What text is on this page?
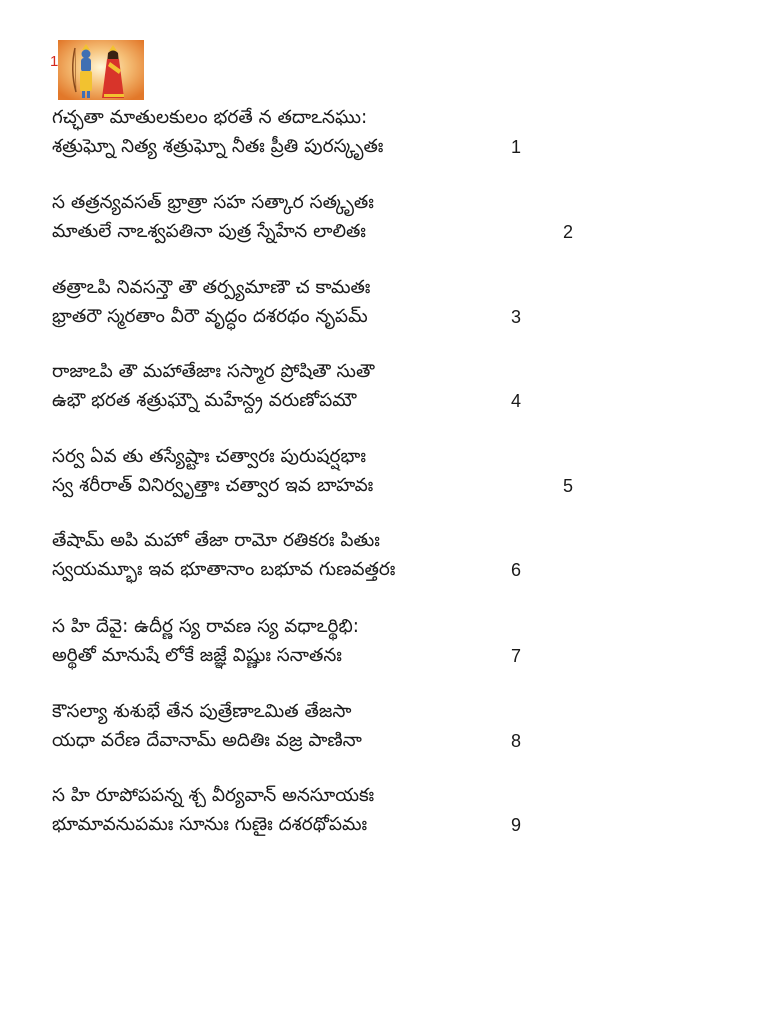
1
గచ్ఛతా మాతులకులం భరతే న తదాఽనఘు:
శత్రుఘ్నో నిత్య శత్రుఘ్నో నీతః ప్రీతి పురస్కృతః	1
స తత్రన్యవసత్ భ్రాత్రా సహ సత్కార సత్కృతః
మాతులే నాఽశ్వపతినా పుత్ర స్నేహేన లాలితః	2
తత్రాఽపి నివసన్తౌ తౌ తర్ప్యమాణౌ చ కామతః
భ్రాతరౌ స్మరతాం వీరౌ వృద్ధం దశరథం నృపమ్	3
రాజాఽపి తౌ మహాతేజాః సస్మార ప్రోషితౌ సుతౌ
ఉభౌ భరత శత్రుఘ్నౌ మహేన్ద్ర వరుణోపమౌ	4
సర్వ ఏవ తు తస్యేష్టాః చత్వారః పురుషర్షభాః
స్వ శరీరాత్ వినిర్వృత్తాః చత్వార ఇవ బాహవః	5
తేషామ్ అపి మహో తేజా రామో రతికరః పితుః
స్వయమ్భూః ఇవ భూతానాం బభూవ గుణవత్తరః	6
స హి దేవై: ఉదీర్ణ స్య రావణ స్య వధాఽర్థిభి:
అర్థితో మానుషే లోకే జజ్ఞే విష్ణుః సనాతనః	7
కౌసల్యా శుశుభే తేన పుత్రేణాఽమిత తేజసా
యధా వరేణ దేవానామ్ అదితిః వజ్ర పాణినా	8
స హి రూపోపపన్న శ్చ వీర్యవాన్ అనసూయకః
భూమావనుపమః సూనుః గుణైః దశరథోపమః	9
